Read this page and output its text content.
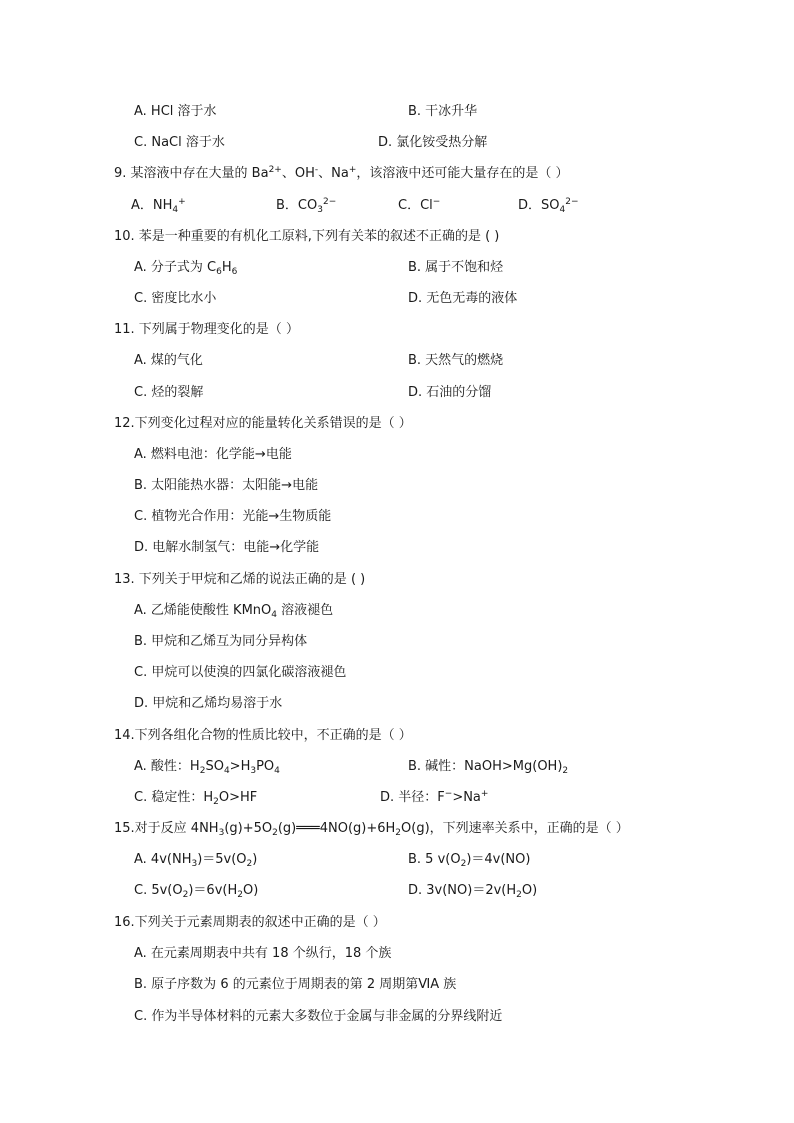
A. HCl 溶于水	B. 干冰升华
C. NaCl 溶于水	D. 氯化铵受热分解
9. 某溶液中存在大量的 $Ba^{2+}$、OH-、Na+，该溶液中还可能大量存在的是（ ）
A．$NH_4^+$	B．$CO_3^{2-}$	C．Cl−	D．$SO_4^{2-}$
10. 苯是一种重要的有机化工原料,下列有关苯的叙述不正确的是 ( )
A. 分子式为 $C_6H_6$	B. 属于不饱和烃
C. 密度比水小	D. 无色无毒的液体
11. 下列属于物理变化的是（ ）
A. 煤的气化	B. 天然气的燃烧
C. 烃的裂解	D. 石油的分馏
12.下列变化过程对应的能量转化关系错误的是（ ）
A. 燃料电池：化学能→电能
B. 太阳能热水器：太阳能→电能
C. 植物光合作用：光能→生物质能
D. 电解水制氢气：电能→化学能
13. 下列关于甲烷和乙烯的说法正确的是 ( )
A. 乙烯能使酸性 KMnO$_4$ 溶液褪色
B. 甲烷和乙烯互为同分异构体
C. 甲烷可以使溴的四氯化碳溶液褪色
D. 甲烷和乙烯均易溶于水
14.下列各组化合物的性质比较中，不正确的是（ ）
A. 酸性：$H_2SO_4>H_3PO_4$	B. 碱性：$NaOH>Mg(OH)_2$
C. 稳定性：$H_2O>HF$	D. 半径：F−>Na+
15.对于反应 $4NH_3(g)+5O_2(g)═══4NO(g)+6H_2O(g)$，下列速率关系中，正确的是（ ）
A. $4v(NH_3)=5v(O_2)$	B. 5 $v(O_2)=4v(NO)$
C. $5v(O_2)=6v(H_2O)$	D. $3v(NO)=2v(H_2O)$
16.下列关于元素周期表的叙述中正确的是（ ）
A. 在元素周期表中共有 18 个纵行，18 个族
B. 原子序数为 6 的元素位于周期表的第 2 周期第ⅥA 族
C. 作为半导体材料的元素大多数位于金属与非金属的分界线附近
